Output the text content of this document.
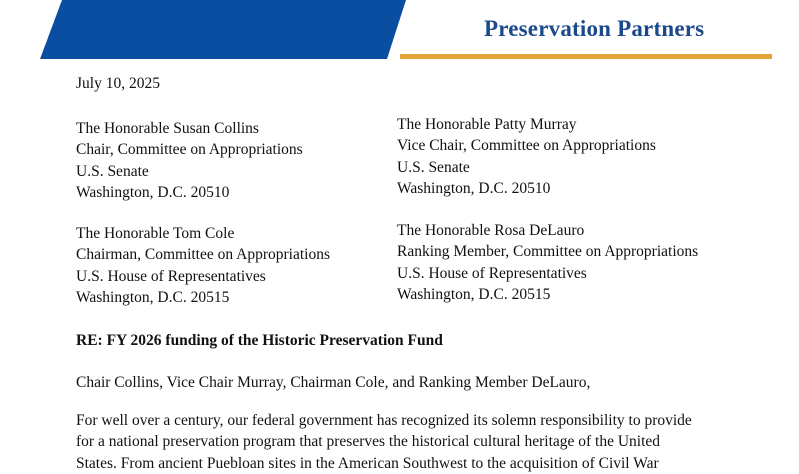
Preservation Partners
July 10, 2025
The Honorable Susan Collins
Chair, Committee on Appropriations
U.S. Senate
Washington, D.C. 20510
The Honorable Patty Murray
Vice Chair, Committee on Appropriations
U.S. Senate
Washington, D.C. 20510
The Honorable Tom Cole
Chairman, Committee on Appropriations
U.S. House of Representatives
Washington, D.C. 20515
The Honorable Rosa DeLauro
Ranking Member, Committee on Appropriations
U.S. House of Representatives
Washington, D.C. 20515
RE: FY 2026 funding of the Historic Preservation Fund
Chair Collins, Vice Chair Murray, Chairman Cole, and Ranking Member DeLauro,
For well over a century, our federal government has recognized its solemn responsibility to provide
for a national preservation program that preserves the historical cultural heritage of the United
States. From ancient Puebloan sites in the American Southwest to the acquisition of Civil War
